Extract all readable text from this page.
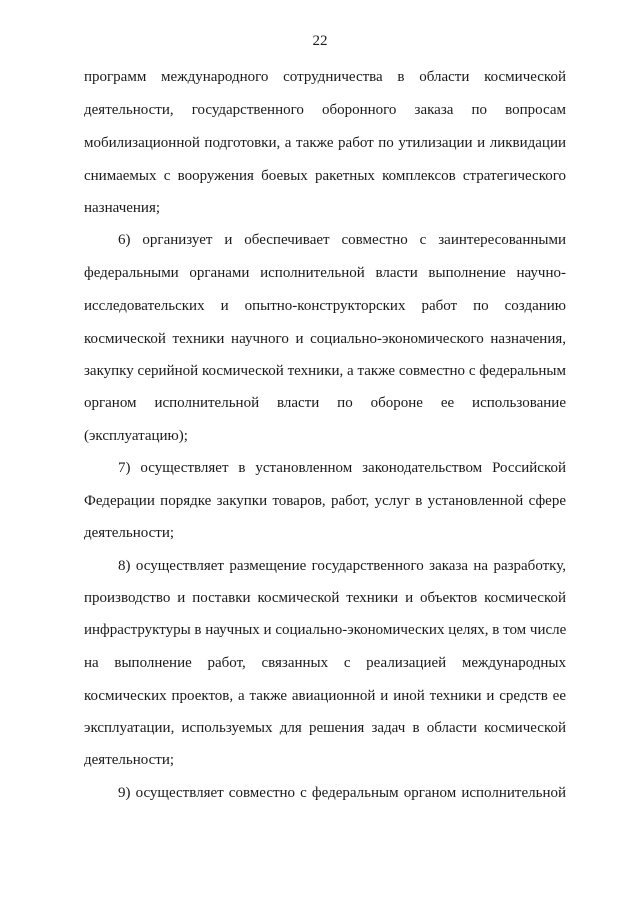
22
программ международного сотрудничества в области космической
деятельности, государственного оборонного заказа по вопросам
мобилизационной подготовки, а также работ по утилизации и ликвидации
снимаемых с вооружения боевых ракетных комплексов стратегического
назначения;
6) организует и обеспечивает совместно с заинтересованными
федеральными органами исполнительной власти выполнение научно-
исследовательских и опытно-конструкторских работ по созданию
космической техники научного и социально-экономического назначения,
закупку серийной космической техники, а также совместно с федеральным
органом исполнительной власти по обороне ее использование
(эксплуатацию);
7) осуществляет в установленном законодательством Российской
Федерации порядке закупки товаров, работ, услуг в установленной сфере
деятельности;
8) осуществляет размещение государственного заказа на разработку,
производство и поставки космической техники и объектов космической
инфраструктуры в научных и социально-экономических целях, в том числе
на выполнение работ, связанных с реализацией международных
космических проектов, а также авиационной и иной техники и средств ее
эксплуатации, используемых для решения задач в области космической
деятельности;
9) осуществляет совместно с федеральным органом исполнительной
